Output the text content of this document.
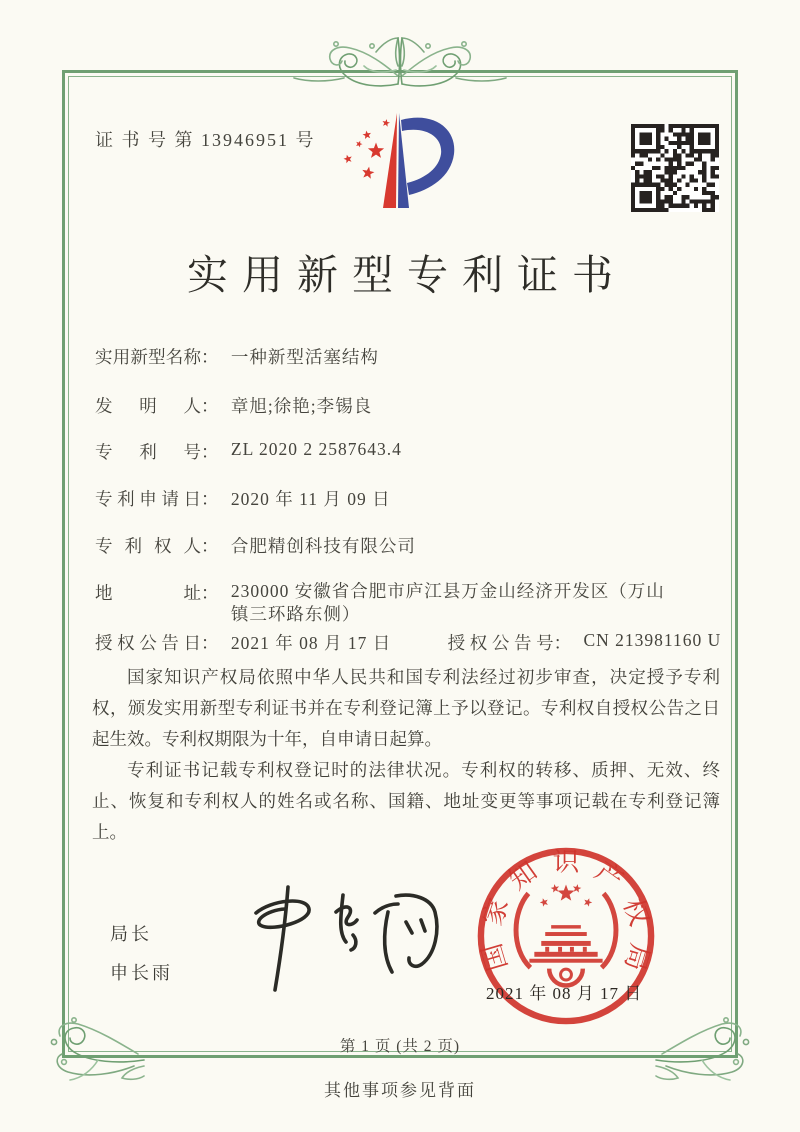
证 书 号 第 13946951 号
实用新型专利证书
实用新型名称： 一种新型活塞结构
发明人： 章旭;徐艳;李锡良
专利号： ZL 2020 2 2587643.4
专利申请日： 2020 年 11 月 09 日
专利权人： 合肥精创科技有限公司
地址： 230000 安徽省合肥市庐江县万金山经济开发区（万山镇三环路东侧）
授权公告日： 2021 年 08 月 17 日	授权公告号： CN 213981160 U

国家知识产权局依照中华人民共和国专利法经过初步审查，决定授予专利权，颁发实用新型专利证书并在专利登记簿上予以登记。专利权自授权公告之日起生效。专利权期限为十年，自申请日起算。

专利证书记载专利权登记时的法律状况。专利权的转移、质押、无效、终止、恢复和专利权人的姓名或名称、国籍、地址变更等事项记载在专利登记簿上。

局长
申长雨	国家知识产权局
2021 年 08 月 17 日
第 1 页 (共 2 页)
其他事项参见背面
